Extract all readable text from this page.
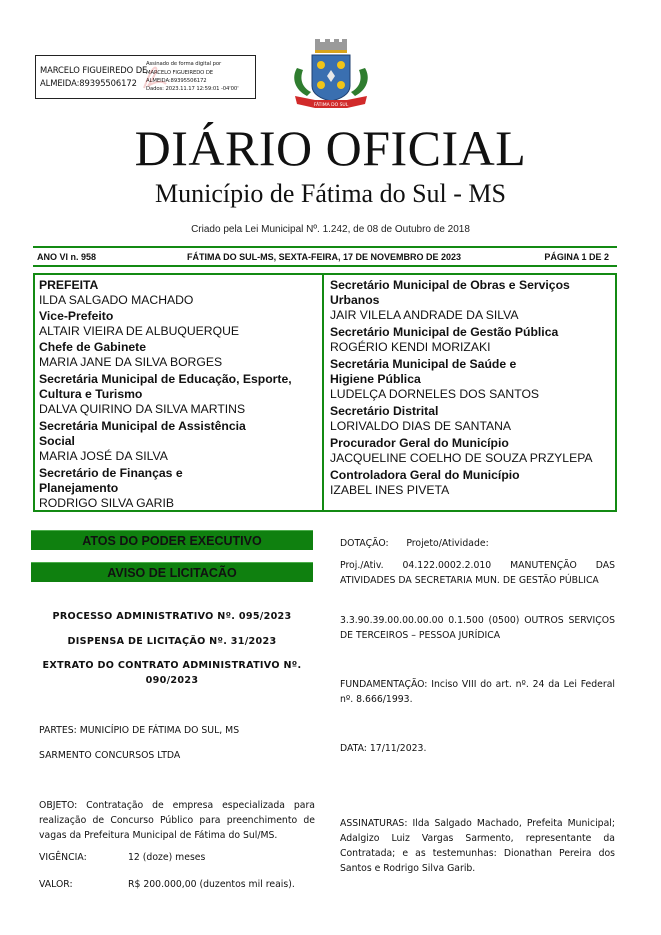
MARCELO FIGUEIREDO DE
ALMEIDA:89395506172
Assinado de forma digital por
MARCELO FIGUEIREDO DE
ALMEIDA:89395506172
Dados: 2023.11.17 12:59:01 -04'00'
FÁTIMA DO SUL
DIÁRIO OFICIAL
Município de Fátima do Sul - MS
Criado pela Lei Municipal Nº. 1.242, de 08 de Outubro de 2018
ANO VI n. 958	FÁTIMA DO SUL-MS, SEXTA-FEIRA, 17 DE NOVEMBRO DE 2023	PÁGINA 1 DE 2
PREFEITA
ILDA SALGADO MACHADO
Vice-Prefeito
ALTAIR VIEIRA DE ALBUQUERQUE
Chefe de Gabinete
MARIA JANE DA SILVA BORGES
Secretária Municipal de Educação, Esporte, Cultura e Turismo
DALVA QUIRINO DA SILVA MARTINS
Secretária Municipal de Assistência Social
MARIA JOSÉ DA SILVA
Secretário de Finanças e Planejamento
RODRIGO SILVA GARIB
Secretário Municipal de Obras e Serviços Urbanos
JAIR VILELA ANDRADE DA SILVA
Secretário Municipal de Gestão Pública
ROGÉRIO KENDI MORIZAKI
Secretária Municipal de Saúde e Higiene Pública
LUDELÇA DORNELES DOS SANTOS
Secretário Distrital
LORIVALDO DIAS DE SANTANA
Procurador Geral do Município
JACQUELINE COELHO DE SOUZA PRZYLEPA
Controladora Geral do Município
IZABEL INES PIVETA
ATOS DO PODER EXECUTIVO
AVISO DE LICITACÃO
PROCESSO ADMINISTRATIVO Nº. 095/2023
DISPENSA DE LICITAÇÃO Nº. 31/2023
EXTRATO DO CONTRATO ADMINISTRATIVO Nº.
090/2023
PARTES: MUNICÍPIO DE FÁTIMA DO SUL, MS
SARMENTO CONCURSOS LTDA
OBJETO: Contratação de empresa especializada para realização de Concurso Público para preenchimento de vagas da Prefeitura Municipal de Fátima do Sul/MS.
VIGÊNCIA:	12 (doze) meses
VALOR:	R$ 200.000,00 (duzentos mil reais).
DOTAÇÃO:      Projeto/Atividade:
Proj./Ativ. 04.122.0002.2.010 MANUTENÇÃO DAS ATIVIDADES DA SECRETARIA MUN. DE GESTÃO PÚBLICA
3.3.90.39.00.00.00.00 0.1.500 (0500) OUTROS SERVIÇOS DE TERCEIROS – PESSOA JURÍDICA
FUNDAMENTAÇÃO: Inciso VIII do art. nº. 24 da Lei Federal nº. 8.666/1993.
DATA: 17/11/2023.
ASSINATURAS: Ilda Salgado Machado, Prefeita Municipal; Adalgizo Luiz Vargas Sarmento, representante da Contratada; e as testemunhas: Dionathan Pereira dos Santos e Rodrigo Silva Garib.
